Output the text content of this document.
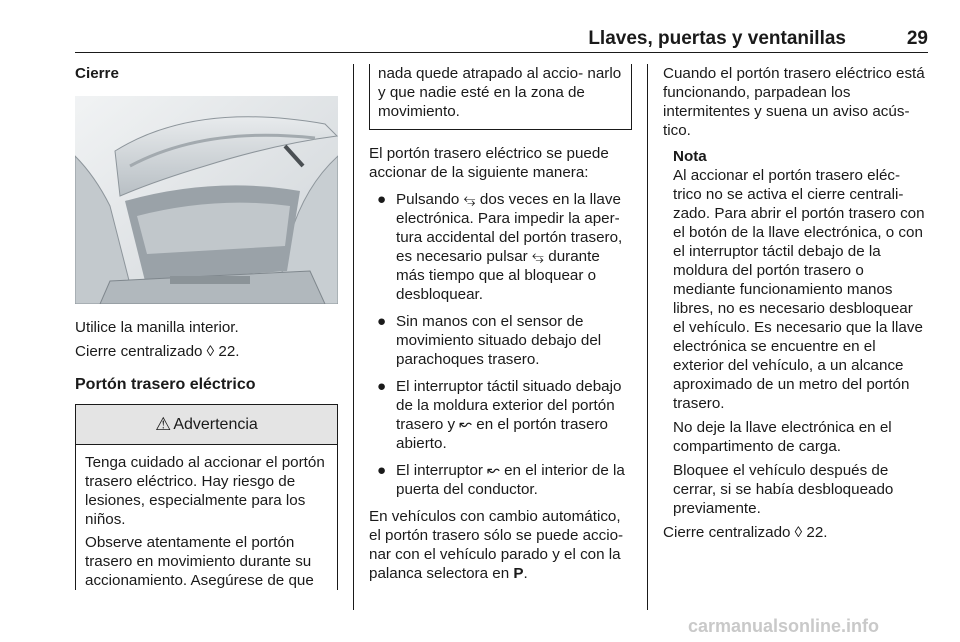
Llaves, puertas y ventanillas	29
Cierre

Utilice la manilla interior.

Cierre centralizado ◊ 22.

Portón trasero eléctrico
⚠ Advertencia

Tenga cuidado al accionar el portón trasero eléctrico. Hay riesgo de lesiones, especialmente para los niños.

Observe atentamente el portón trasero en movimiento durante su accionamiento. Asegúrese de que

nada quede atrapado al accio- narlo y que nadie esté en la zona de movimiento.

El portón trasero eléctrico se puede accionar de la siguiente manera:

● Pulsando ⥃ dos veces en la llave electrónica. Para impedir la aper- tura accidental del portón trasero, es necesario pulsar ⥃ durante más tiempo que al bloquear o desbloquear.
● Sin manos con el sensor de movimiento situado debajo del parachoques trasero.
● El interruptor táctil situado debajo de la moldura exterior del portón trasero y ↜ en el portón trasero abierto.
● El interruptor ↜ en el interior de la puerta del conductor.

En vehículos con cambio automático, el portón trasero sólo se puede accio- nar con el vehículo parado y el con la palanca selectora en P.

Cuando el portón trasero eléctrico está funcionando, parpadean los intermitentes y suena un aviso acús- tico.

Nota

Al accionar el portón trasero eléc- trico no se activa el cierre centrali- zado. Para abrir el portón trasero con el botón de la llave electrónica, o con el interruptor táctil debajo de la moldura del portón trasero o mediante funcionamiento manos libres, no es necesario desbloquear el vehículo. Es necesario que la llave electrónica se encuentre en el exterior del vehículo, a un alcance aproximado de un metro del portón trasero.

No deje la llave electrónica en el compartimento de carga.

Bloquee el vehículo después de cerrar, si se había desbloqueado previamente.

Cierre centralizado ◊ 22.

carmanualsonline.info
